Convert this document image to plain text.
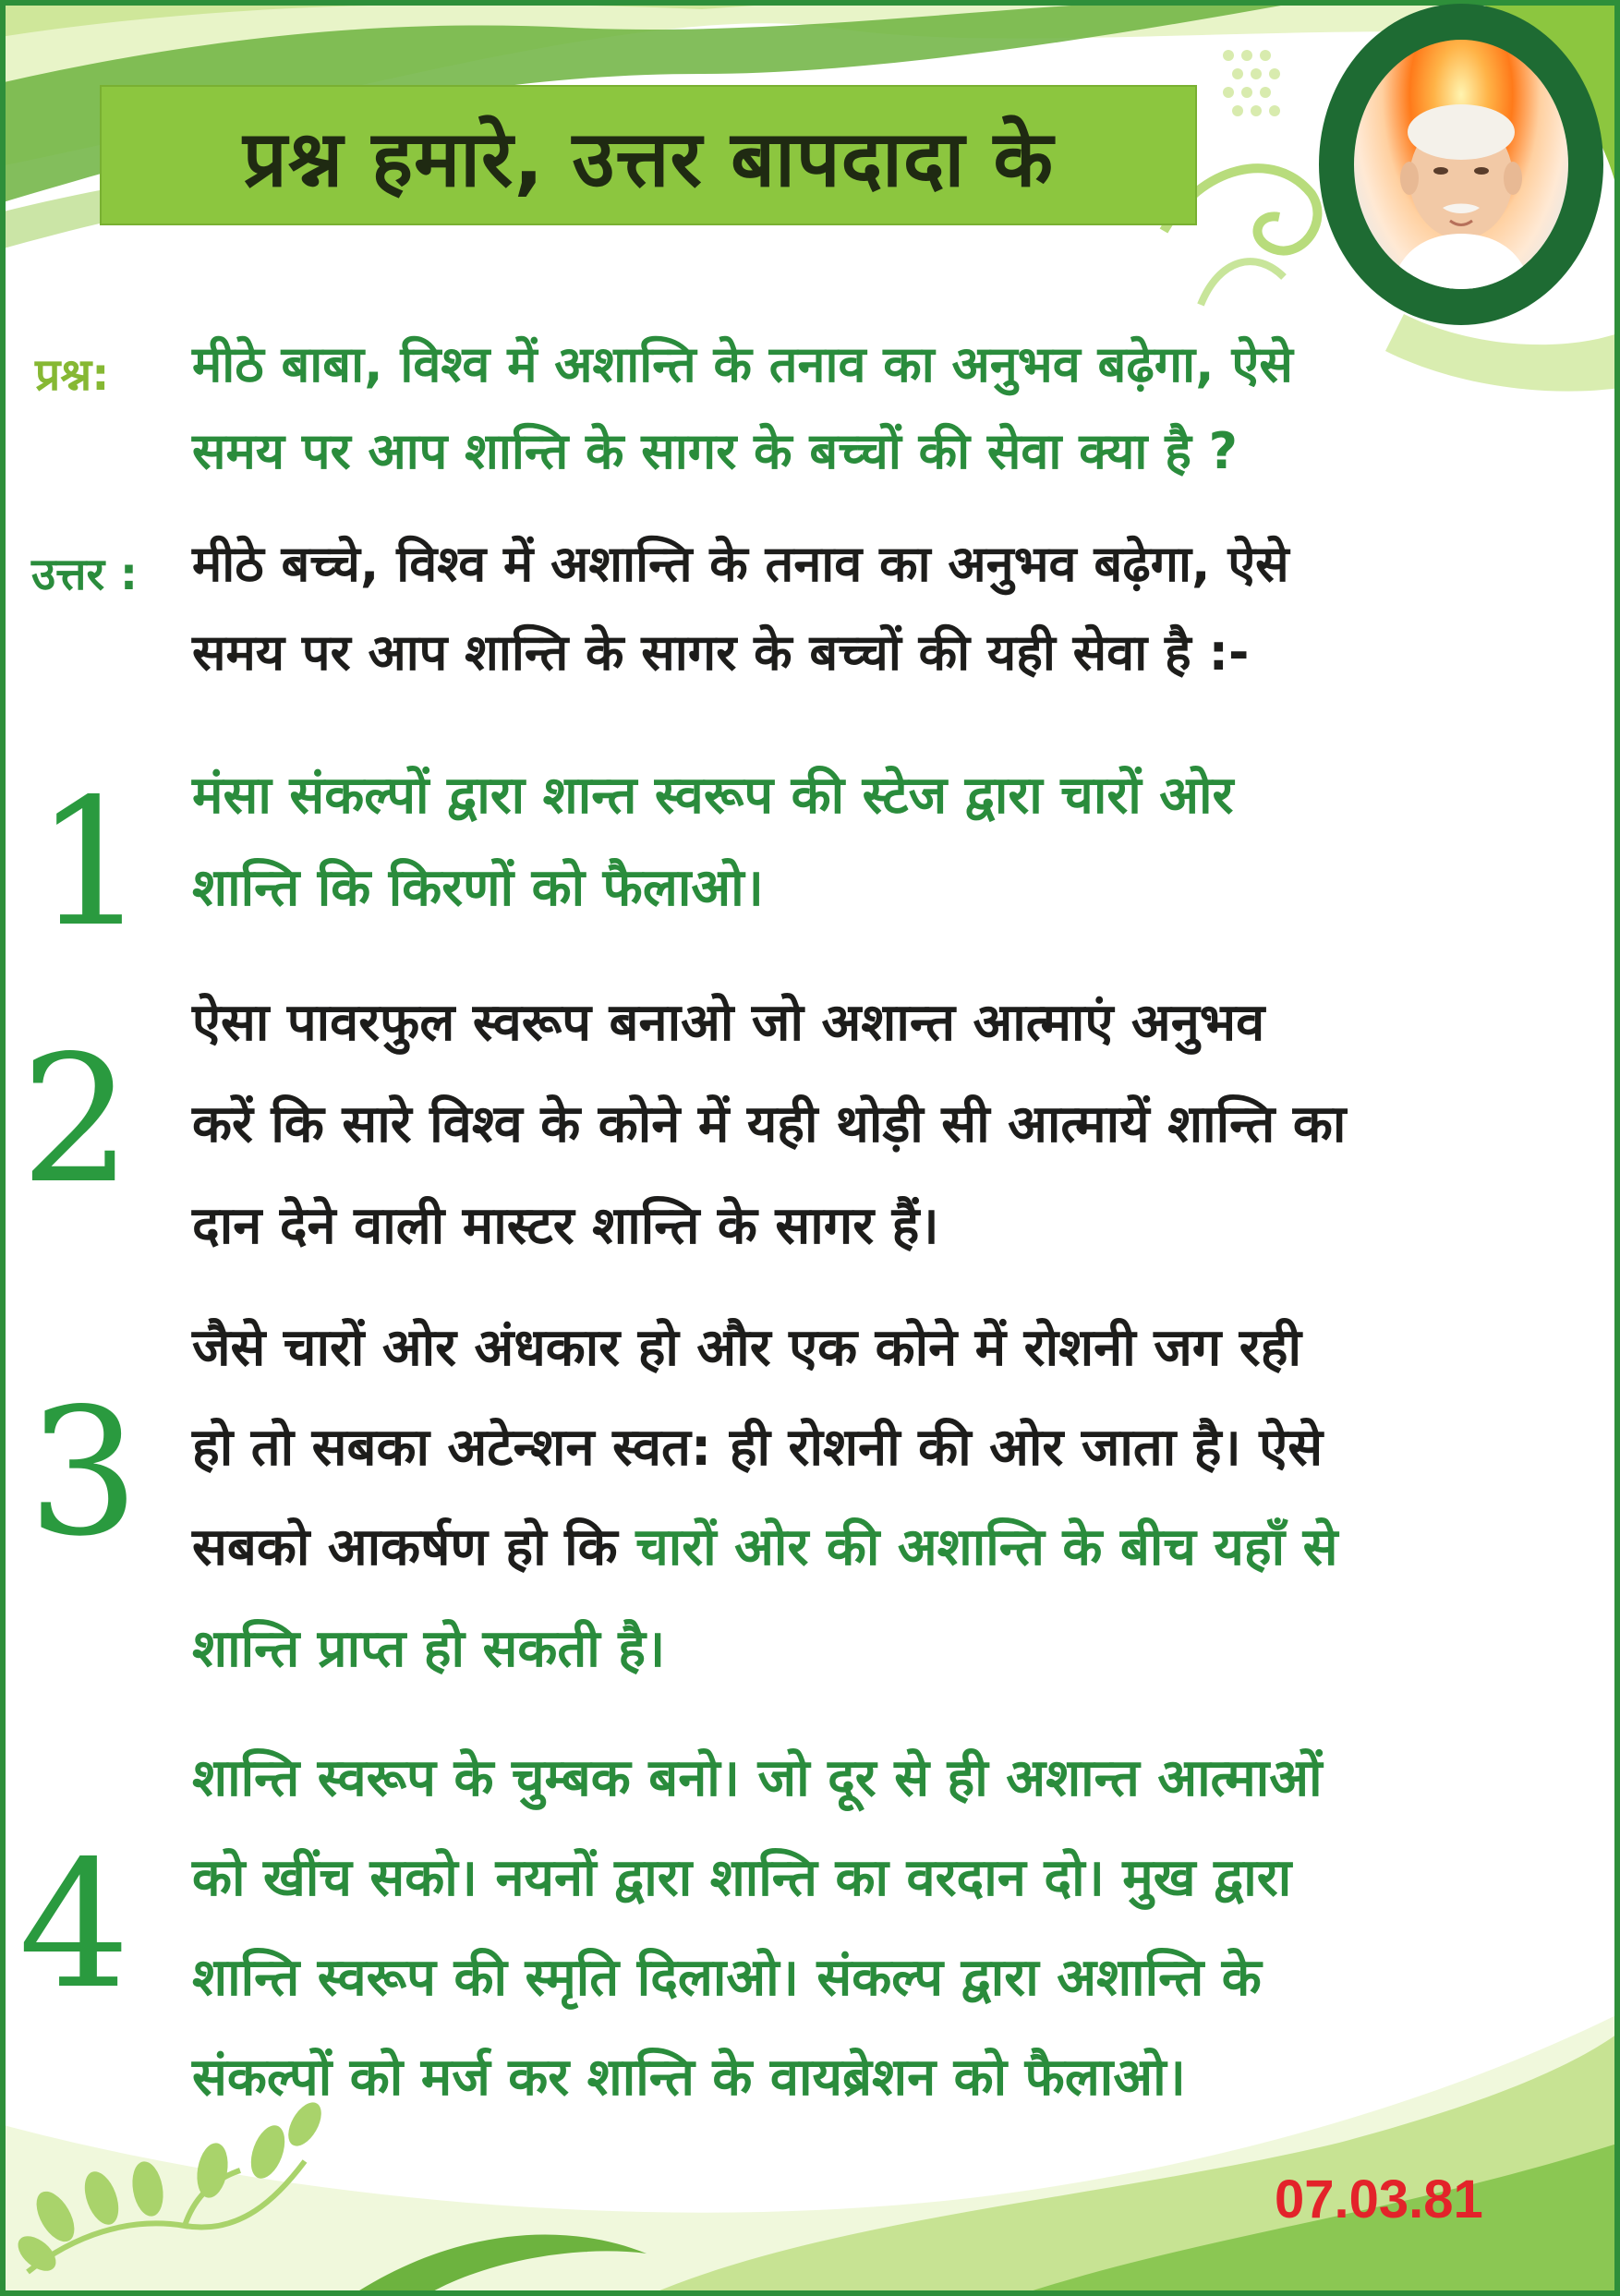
प्रश्न हमारे, उत्तर बापदादा के
प्रश्न: मीठे बाबा, विश्व में अशान्ति के तनाव का अनुभव बढ़ेगा, ऐसे
समय पर आप शान्ति के सागर के बच्चों की सेवा क्या है ?
उत्तर : मीठे बच्चे, विश्व में अशान्ति के तनाव का अनुभव बढ़ेगा, ऐसे
समय पर आप शान्ति के सागर के बच्चों की यही सेवा है :-
1 मंसा संकल्पों द्वारा शान्त स्वरूप की स्टेज द्वारा चारों ओर
शान्ति कि किरणों को फैलाओ।
2 ऐसा पावरफुल स्वरूप बनाओ जो अशान्त आत्माएं अनुभव
करें कि सारे विश्व के कोने में यही थोड़ी सी आत्मायें शान्ति का
दान देने वाली मास्टर शान्ति के सागर हैं।
3
जैसे चारों ओर अंधकार हो और एक कोने में रोशनी जग रही
हो तो सबका अटेन्शन स्वत: ही रोशनी की ओर जाता है। ऐसे
सबको आकर्षण हो कि चारों ओर की अशान्ति के बीच यहाँ से
शान्ति प्राप्त हो सकती है।
4
शान्ति स्वरूप के चुम्बक बनो। जो दूर से ही अशान्त आत्माओं
को खींच सको। नयनों द्वारा शान्ति का वरदान दो। मुख द्वारा
शान्ति स्वरूप की स्मृति दिलाओ। संकल्प द्वारा अशान्ति के
संकल्पों को मर्ज कर शान्ति के वायब्रेशन को फैलाओ।
07.03.81
